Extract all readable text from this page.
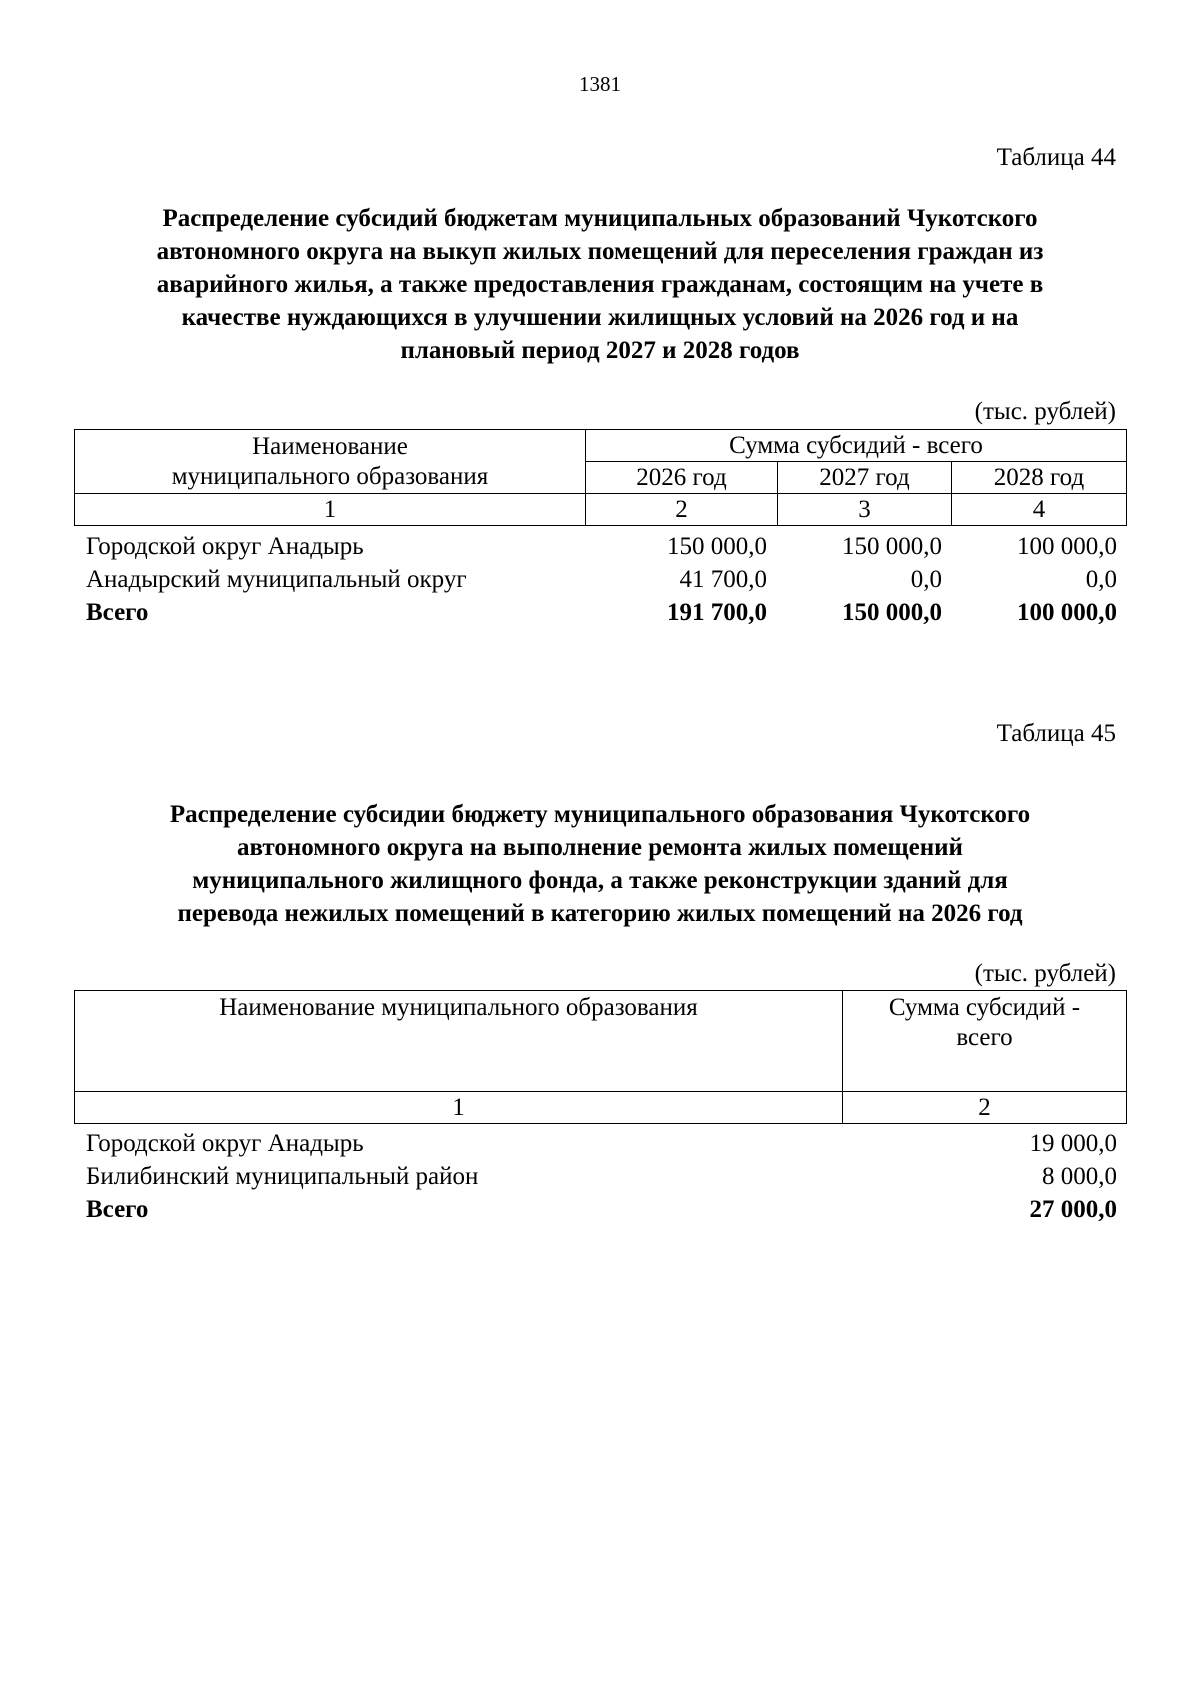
1381
Таблица 44
Распределение субсидий бюджетам муниципальных образований Чукотского
автономного округа на выкуп жилых помещений для переселения граждан из
аварийного жилья, а также предоставления гражданам, состоящим на учете в
качестве нуждающихся в улучшении жилищных условий на 2026 год и на
плановый период 2027 и 2028 годов
(тыс. рублей)
Наименование
муниципального образования	Сумма субсидий - всего		
	2026 год	2027 год	2028 год
1	2	3	4
Городской округ Анадырь	150 000,0	150 000,0	100 000,0
Анадырский муниципальный округ	41 700,0	0,0	0,0
Всего	191 700,0	150 000,0	100 000,0
Таблица 45
Распределение субсидии бюджету муниципального образования Чукотского
автономного округа на выполнение ремонта жилых помещений
муниципального жилищного фонда, а также реконструкции зданий для
перевода нежилых помещений в категорию жилых помещений на 2026 год
(тыс. рублей)
Наименование муниципального образования	Сумма субсидий -
всего

1	2
Городской округ Анадырь	19 000,0
Билибинский муниципальный район	8 000,0
Всего	27 000,0
